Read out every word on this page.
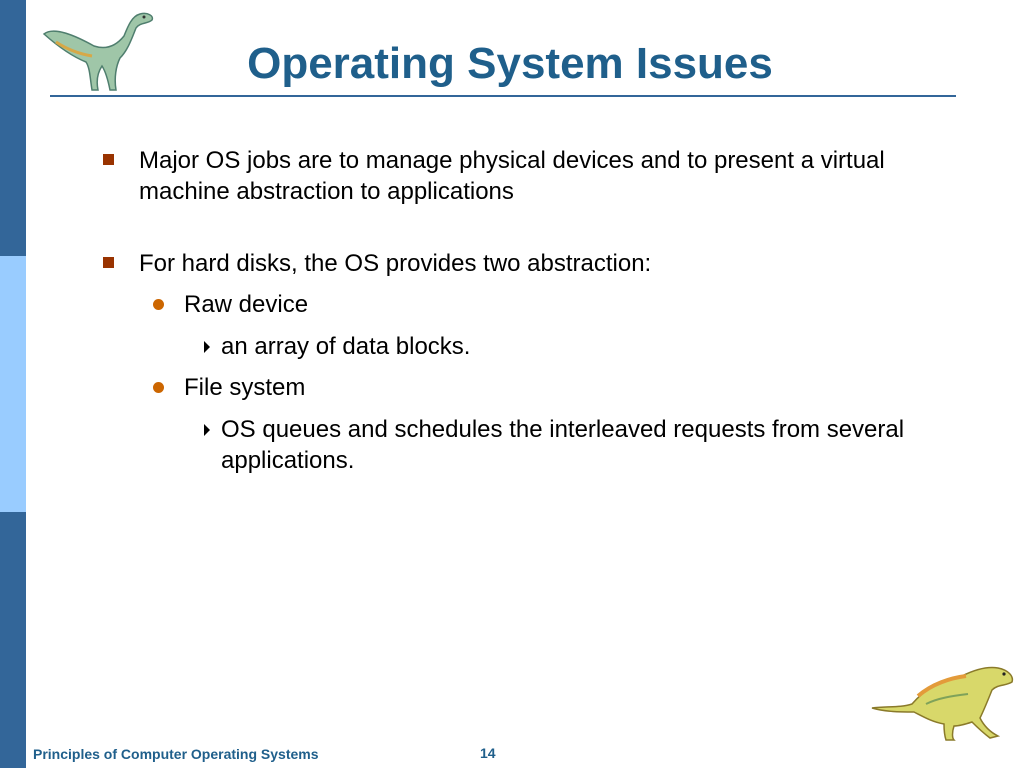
Operating System Issues
Major OS jobs are to manage physical devices and to present a virtual
machine abstraction to applications
For hard disks, the OS provides two abstraction:
Raw device
an array of data blocks.
File system
OS queues and schedules the interleaved requests from several
applications.
Principles of Computer Operating Systems	14
